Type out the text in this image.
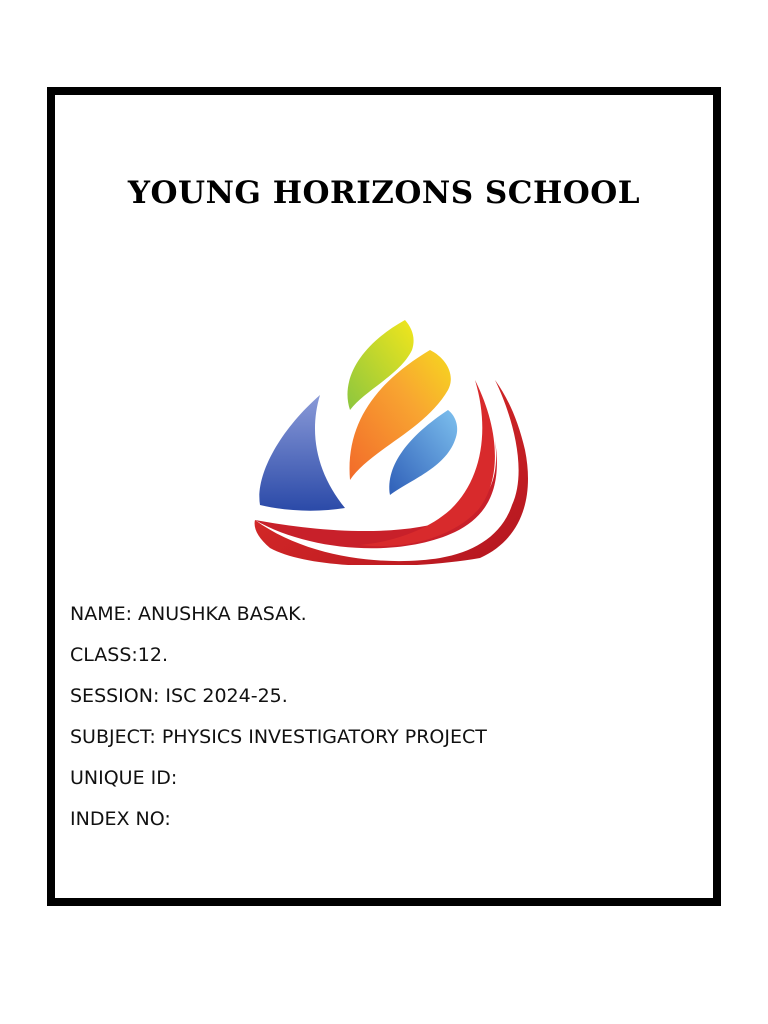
YOUNG HORIZONS SCHOOL
NAME: ANUSHKA BASAK.
CLASS:12.
SESSION: ISC 2024-25.
SUBJECT: PHYSICS INVESTIGATORY PROJECT
UNIQUE ID:
INDEX NO:
